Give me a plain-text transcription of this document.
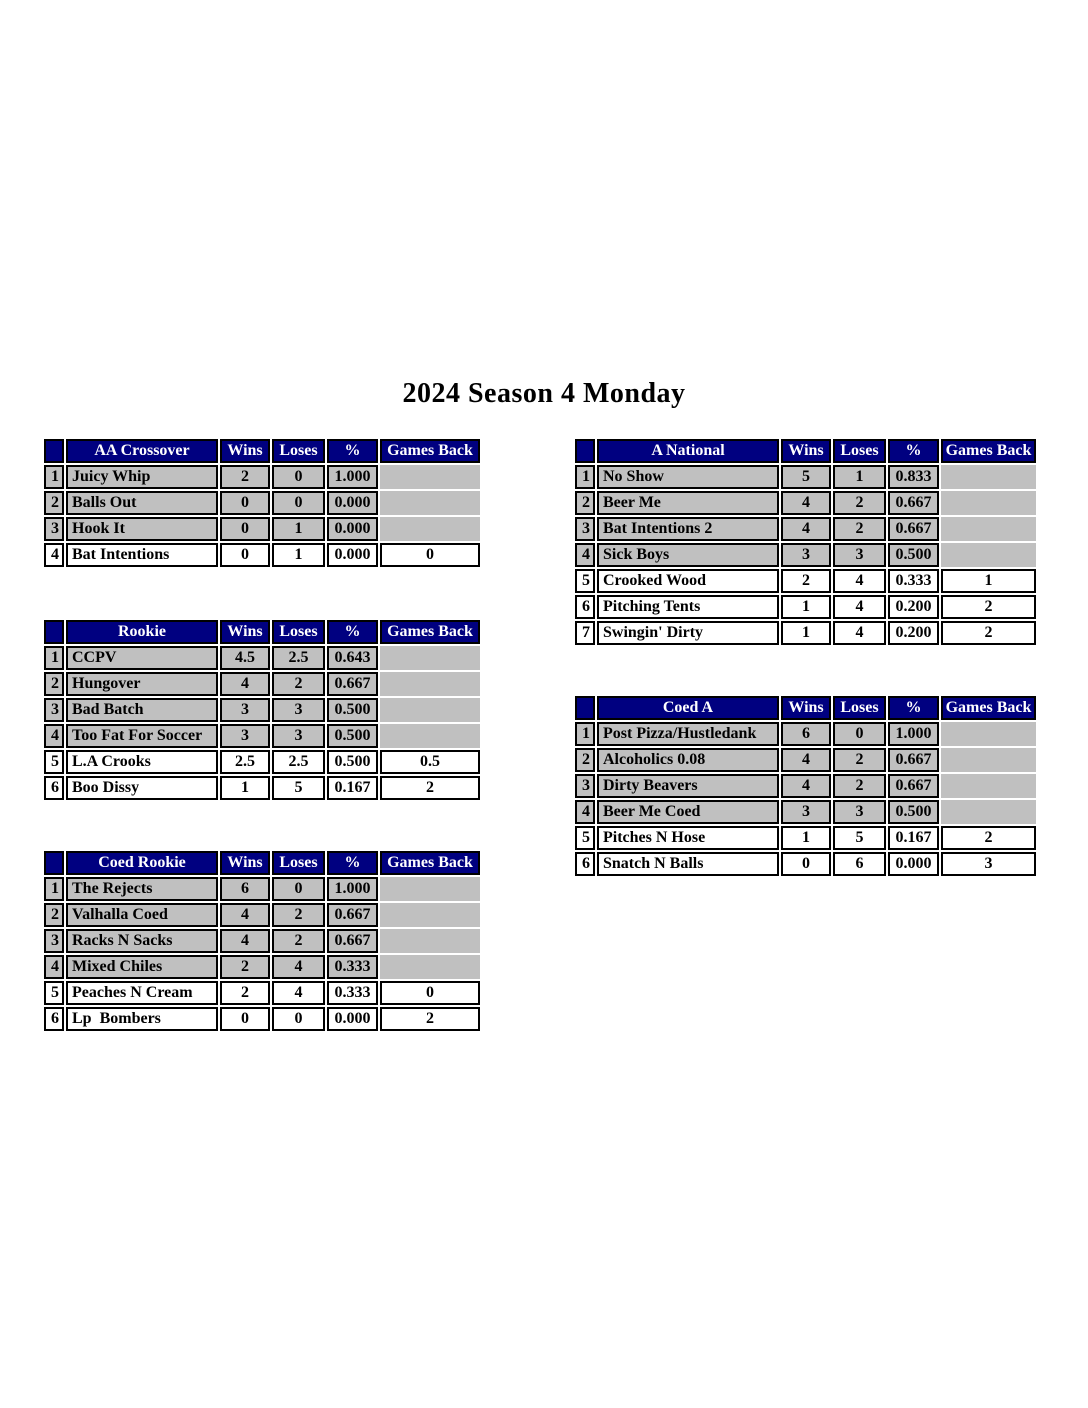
2024 Season 4 Monday
	AA Crossover	Wins	Loses	%	Games Back
1	Juicy Whip	2	0	1.000	
2	Balls Out	0	0	0.000	
3	Hook It	0	1	0.000	
4	Bat Intentions	0	1	0.000	0
	Rookie	Wins	Loses	%	Games Back
1	CCPV	4.5	2.5	0.643	
2	Hungover	4	2	0.667	
3	Bad Batch	3	3	0.500	
4	Too Fat For Soccer	3	3	0.500	
5	L.A Crooks	2.5	2.5	0.500	0.5
6	Boo Dissy	1	5	0.167	2
	Coed Rookie	Wins	Loses	%	Games Back
1	The Rejects	6	0	1.000	
2	Valhalla Coed	4	2	0.667	
3	Racks N Sacks	4	2	0.667	
4	Mixed Chiles	2	4	0.333	
5	Peaches N Cream	2	4	0.333	0
6	Lp  Bombers	0	0	0.000	2
	A National	Wins	Loses	%	Games Back
1	No Show	5	1	0.833	
2	Beer Me	4	2	0.667	
3	Bat Intentions 2	4	2	0.667	
4	Sick Boys	3	3	0.500	
5	Crooked Wood	2	4	0.333	1
6	Pitching Tents	1	4	0.200	2
7	Swingin' Dirty	1	4	0.200	2
	Coed A	Wins	Loses	%	Games Back
1	Post Pizza/Hustledank	6	0	1.000	
2	Alcoholics 0.08	4	2	0.667	
3	Dirty Beavers	4	2	0.667	
4	Beer Me Coed	3	3	0.500	
5	Pitches N Hose	1	5	0.167	2
6	Snatch N Balls	0	6	0.000	3
